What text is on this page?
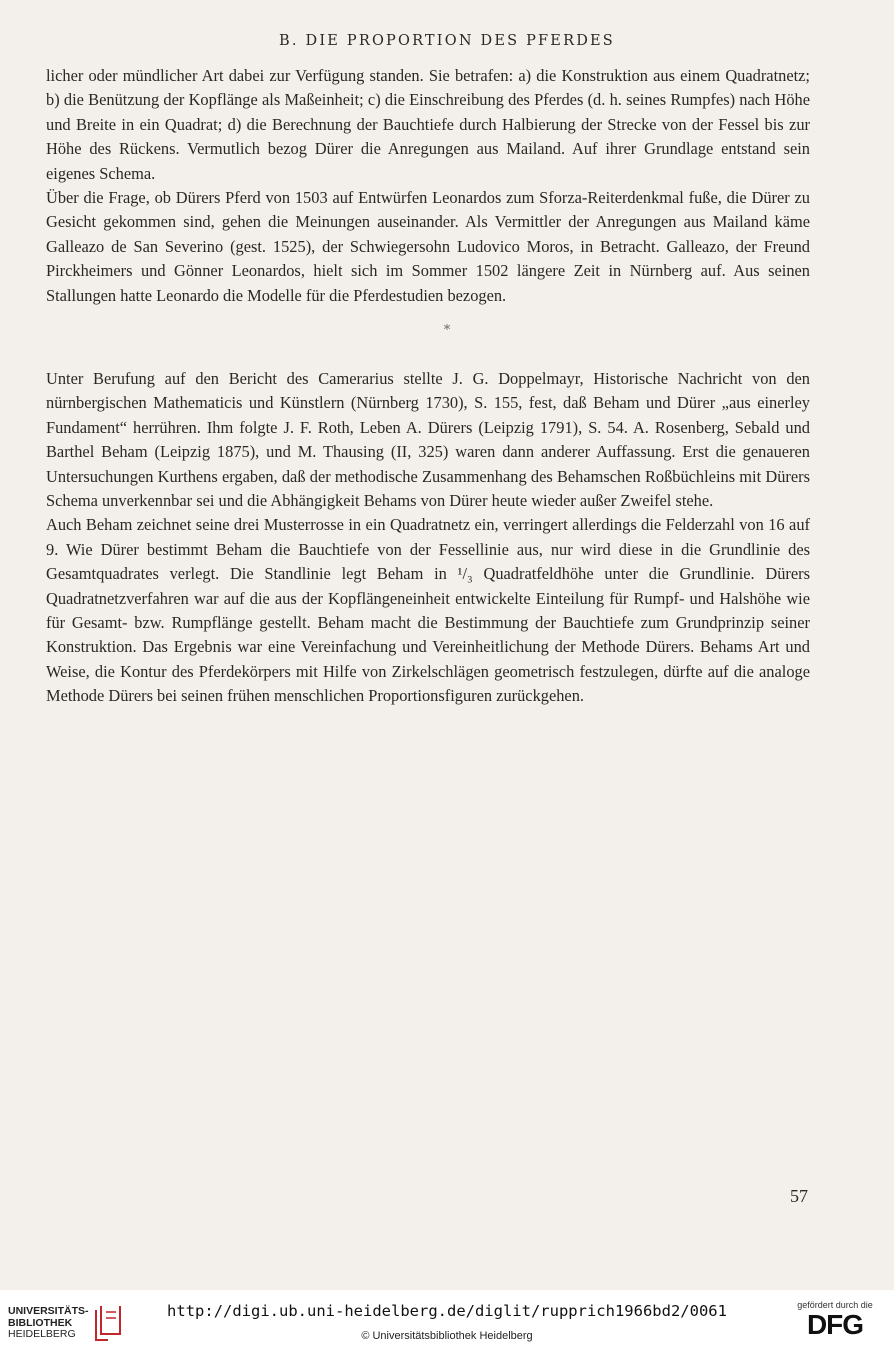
B. DIE PROPORTION DES PFERDES

licher oder mündlicher Art dabei zur Verfügung standen. Sie betrafen: a) die Konstruktion aus einem Quadratnetz; b) die Benützung der Kopflänge als Maßeinheit; c) die Einschreibung des Pferdes (d. h. seines Rumpfes) nach Höhe und Breite in ein Quadrat; d) die Berechnung der Bauchtiefe durch Halbierung der Strecke von der Fessel bis zur Höhe des Rückens. Vermutlich bezog Dürer die Anregungen aus Mailand. Auf ihrer Grundlage entstand sein eigenes Schema.

Über die Frage, ob Dürers Pferd von 1503 auf Entwürfen Leonardos zum Sforza-Reiterdenkmal fuße, die Dürer zu Gesicht gekommen sind, gehen die Meinungen auseinander. Als Vermittler der Anregungen aus Mailand käme Galleazo de San Severino (gest. 1525), der Schwiegersohn Ludovico Moros, in Betracht. Galleazo, der Freund Pirckheimers und Gönner Leonardos, hielt sich im Sommer 1502 längere Zeit in Nürnberg auf. Aus seinen Stallungen hatte Leonardo die Modelle für die Pferdestudien bezogen.

*

Unter Berufung auf den Bericht des Camerarius stellte J. G. Doppelmayr, Historische Nachricht von den nürnbergischen Mathematicis und Künstlern (Nürnberg 1730), S. 155, fest, daß Beham und Dürer „aus einerley Fundament“ herrühren. Ihm folgte J. F. Roth, Leben A. Dürers (Leipzig 1791), S. 54. A. Rosenberg, Sebald und Barthel Beham (Leipzig 1875), und M. Thausing (II, 325) waren dann anderer Auffassung. Erst die genaueren Untersuchungen Kurthens ergaben, daß der methodische Zusammenhang des Behamschen Roßbüchleins mit Dürers Schema unverkennbar sei und die Abhängigkeit Behams von Dürer heute wieder außer Zweifel stehe.

Auch Beham zeichnet seine drei Musterrosse in ein Quadratnetz ein, verringert allerdings die Felderzahl von 16 auf 9. Wie Dürer bestimmt Beham die Bauchtiefe von der Fessellinie aus, nur wird diese in die Grundlinie des Gesamtquadrates verlegt. Die Standlinie legt Beham in ¹/₃ Quadratfeldhöhe unter die Grundlinie. Dürers Quadratnetzverfahren war auf die aus der Kopflängeneinheit entwickelte Einteilung für Rumpf- und Halshöhe wie für Gesamt- bzw. Rumpflänge gestellt. Beham macht die Bestimmung der Bauchtiefe zum Grundprinzip seiner Konstruktion. Das Ergebnis war eine Vereinfachung und Vereinheitlichung der Methode Dürers. Behams Art und Weise, die Kontur des Pferdekörpers mit Hilfe von Zirkelschlägen geometrisch festzulegen, dürfte auf die analoge Methode Dürers bei seinen frühen menschlichen Proportionsfiguren zurückgehen.

57
UNIVERSITÄTS-
BIBLIOTHEK
HEIDELBERG
http://digi.ub.uni-heidelberg.de/diglit/rupprich1966bd2/0061
© Universitätsbibliothek Heidelberg
gefördert durch die
DFG
